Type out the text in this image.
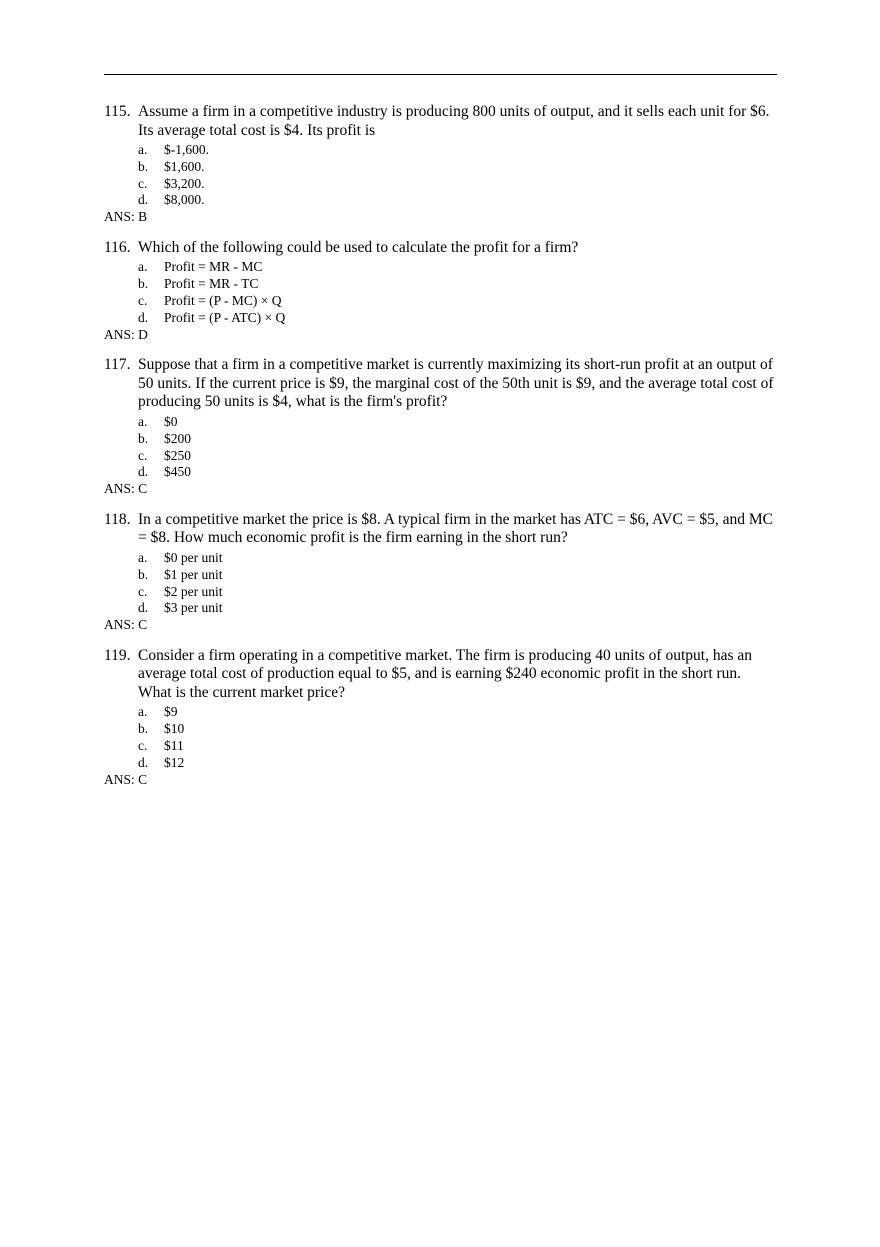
115. Assume a firm in a competitive industry is producing 800 units of output, and it sells each unit for $6. Its average total cost is $4. Its profit is
a.	$-1,600.
b.	$1,600.
c.	$3,200.
d.	$8,000.
ANS: B
116. Which of the following could be used to calculate the profit for a firm?
a.	Profit = MR - MC
b.	Profit = MR - TC
c.	Profit = (P - MC) × Q
d.	Profit = (P - ATC) × Q
ANS: D
117. Suppose that a firm in a competitive market is currently maximizing its short-run profit at an output of 50 units. If the current price is $9, the marginal cost of the 50th unit is $9, and the average total cost of producing 50 units is $4, what is the firm's profit?
a.	$0
b.	$200
c.	$250
d.	$450
ANS: C
118. In a competitive market the price is $8. A typical firm in the market has ATC = $6, AVC = $5, and MC = $8. How much economic profit is the firm earning in the short run?
a.	$0 per unit
b.	$1 per unit
c.	$2 per unit
d.	$3 per unit
ANS: C
119. Consider a firm operating in a competitive market. The firm is producing 40 units of output, has an average total cost of production equal to $5, and is earning $240 economic profit in the short run. What is the current market price?
a.	$9
b.	$10
c.	$11
d.	$12
ANS: C
